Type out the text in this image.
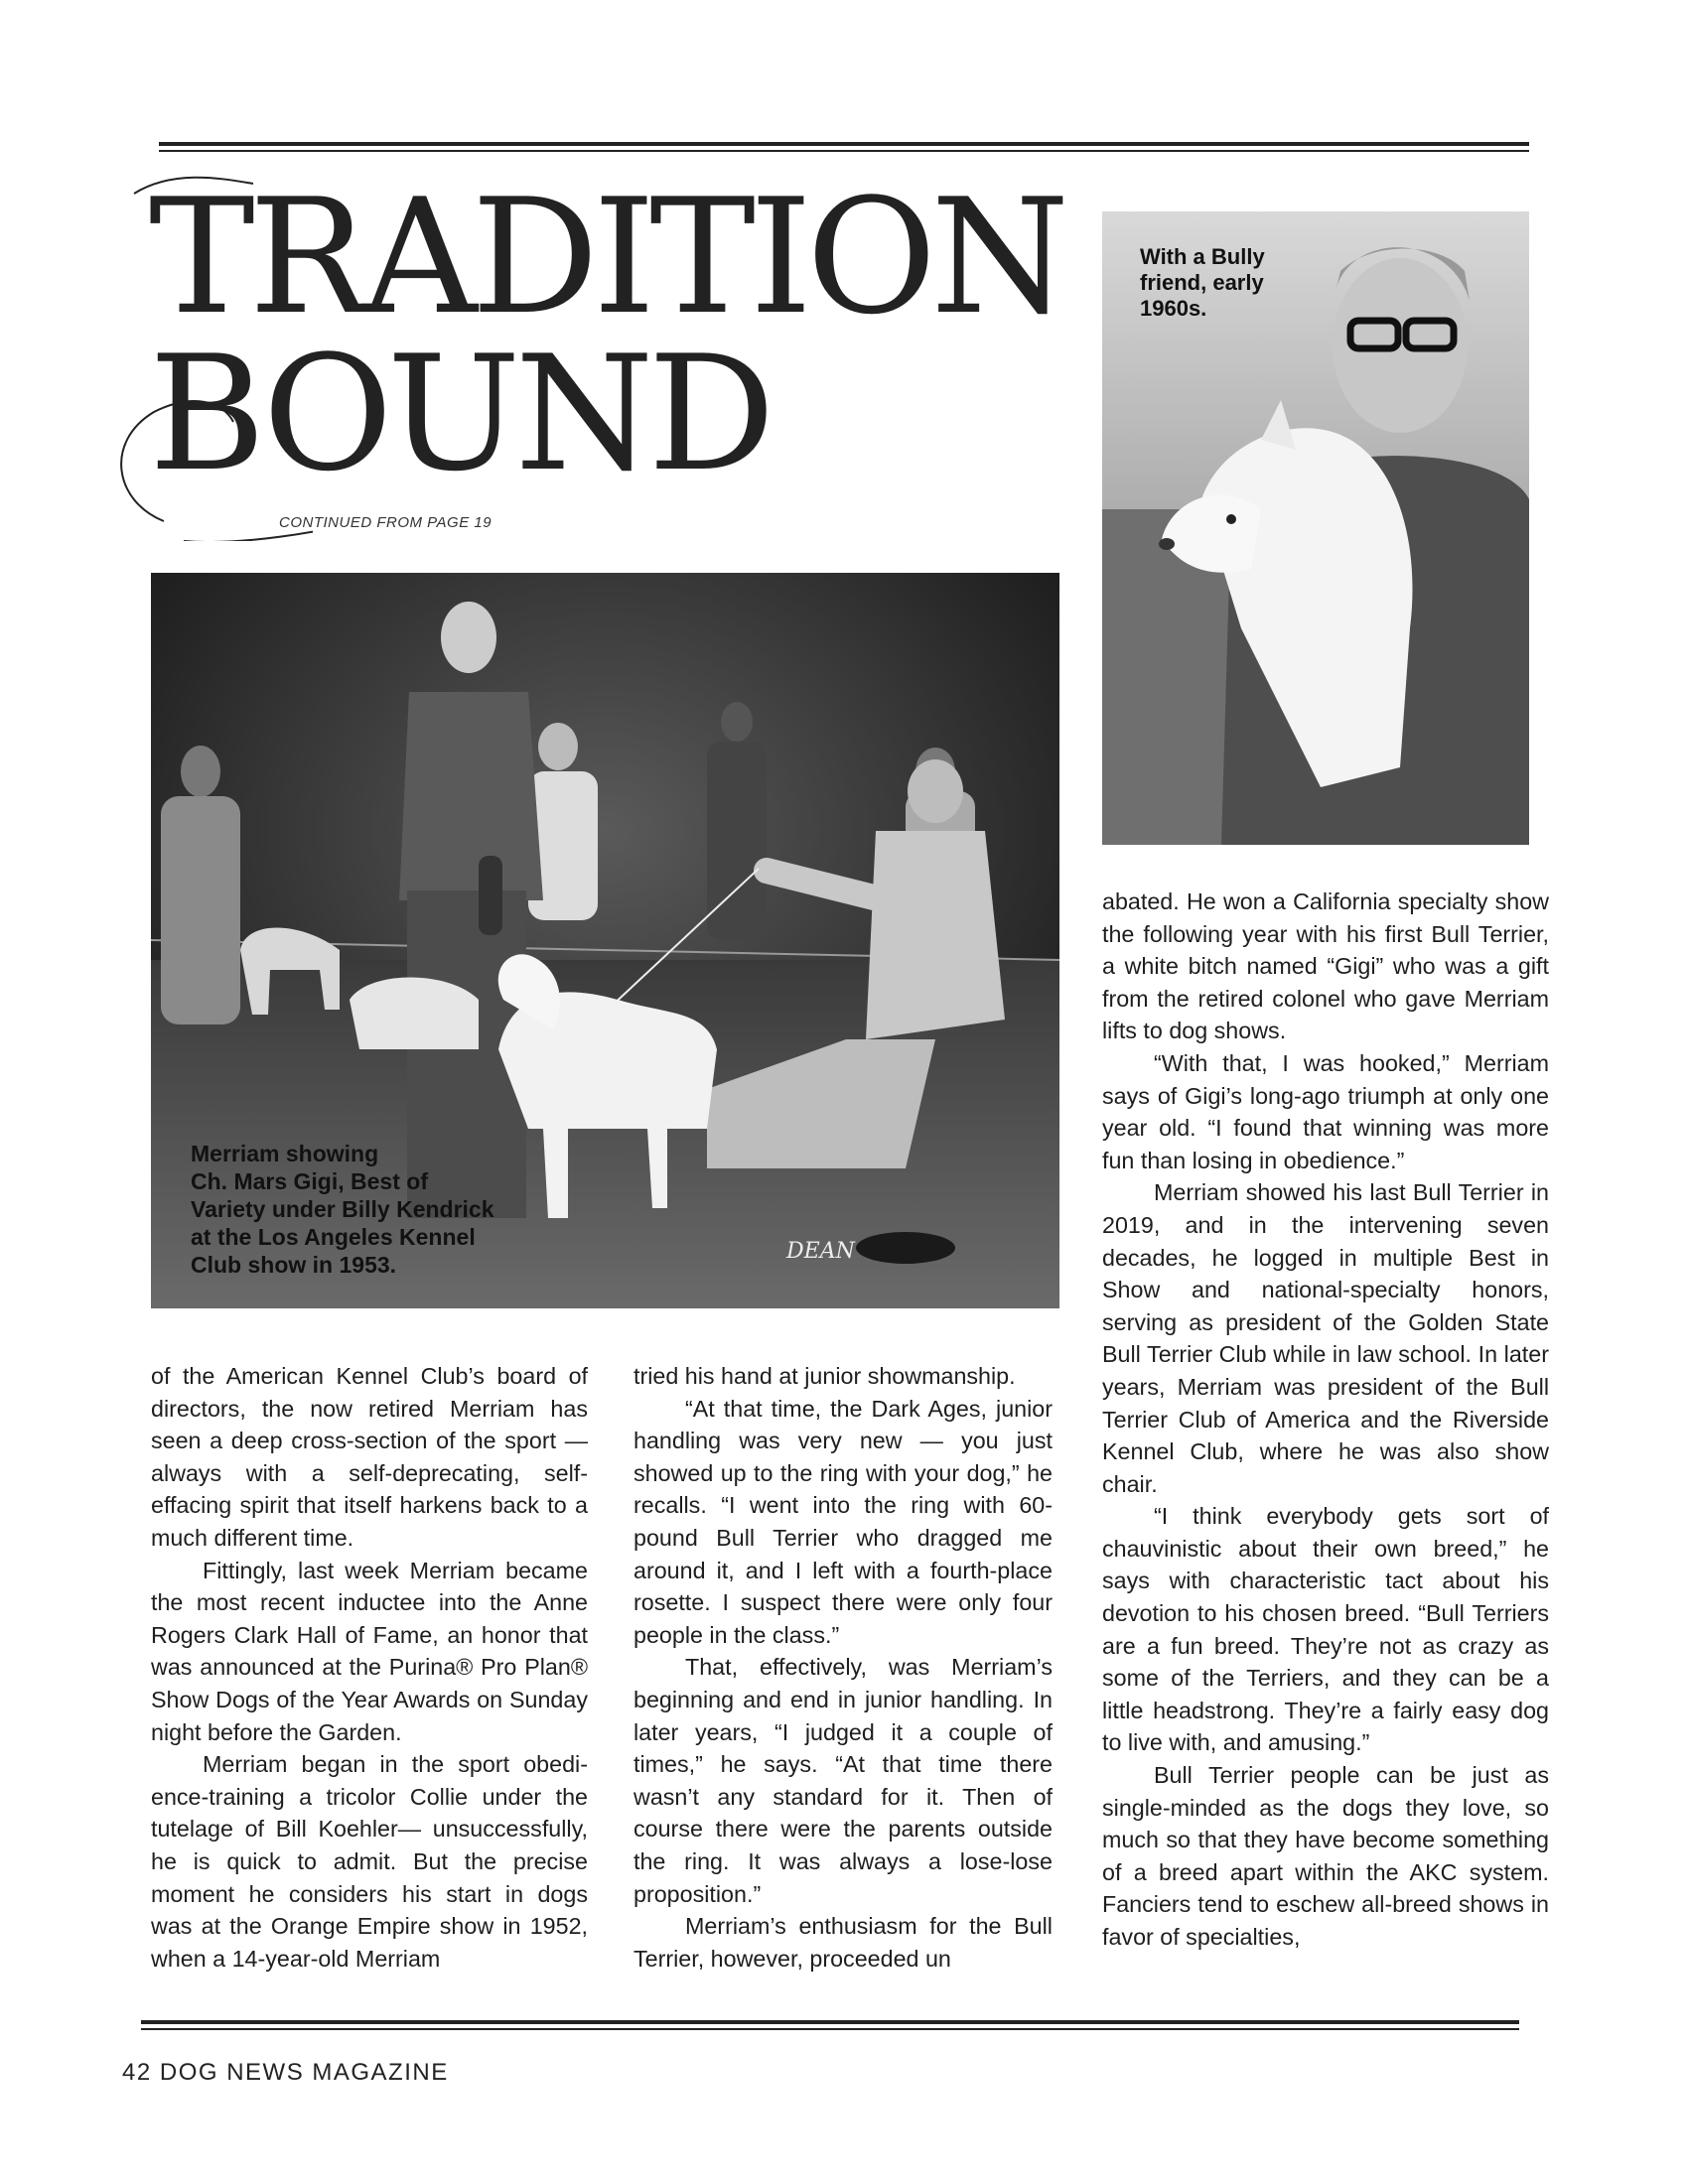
TRADITION
BOUND
CONTINUED FROM PAGE 19
DEAN
Merriam showing
Ch. Mars Gigi, Best of
Variety under Billy Kendrick
at the Los Angeles Kennel
Club show in 1953.
With a Bully
friend, early
1960s.

of the American Kennel Club’s board of directors, the now retired Merriam has seen a deep cross-section of the sport — always with a self-deprecating, self-effacing spirit that itself harkens back to a much different time.

Fittingly, last week Merriam became the most recent inductee into the Anne Rogers Clark Hall of Fame, an honor that was announced at the Purina® Pro Plan® Show Dogs of the Year Awards on Sunday night before the Garden.

Merriam began in the sport obedience-training a tricolor Collie under the tutelage of Bill Koehler— unsuccessfully, he is quick to admit. But the precise moment he considers his start in dogs was at the Orange Empire show in 1952, when a 14-year-old Merriam

tried his hand at junior showmanship.

“At that time, the Dark Ages, junior handling was very new — you just showed up to the ring with your dog,” he recalls. “I went into the ring with 60-pound Bull Terrier who dragged me around it, and I left with a fourth-place rosette. I suspect there were only four people in the class.”

That, effectively, was Merriam’s beginning and end in junior handling. In later years, “I judged it a couple of times,” he says. “At that time there wasn’t any standard for it. Then of course there were the parents outside the ring. It was always a lose-lose proposition.”

Merriam’s enthusiasm for the Bull Terrier, however, proceeded un

abated. He won a California specialty show the following year with his first Bull Terrier, a white bitch named “Gigi” who was a gift from the retired colonel who gave Merriam lifts to dog shows.

“With that, I was hooked,” Merriam says of Gigi’s long-ago triumph at only one year old. “I found that winning was more fun than losing in obedience.”

Merriam showed his last Bull Terrier in 2019, and in the intervening seven decades, he logged in multiple Best in Show and national-specialty honors, serving as president of the Golden State Bull Terrier Club while in law school. In later years, Merriam was president of the Bull Terrier Club of America and the Riverside Kennel Club, where he was also show chair.

“I think everybody gets sort of chauvinistic about their own breed,” he says with characteristic tact about his devotion to his chosen breed. “Bull Terriers are a fun breed. They’re not as crazy as some of the Terriers, and they can be a little headstrong. They’re a fairly easy dog to live with, and amusing.”

Bull Terrier people can be just as single-minded as the dogs they love, so much so that they have become something of a breed apart within the AKC system. Fanciers tend to eschew all-breed shows in favor of specialties,

42 DOG NEWS MAGAZINE
